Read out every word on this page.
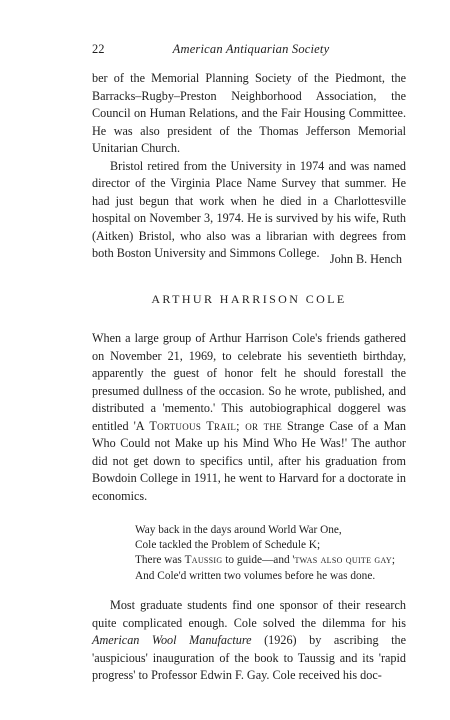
22	American Antiquarian Society

ber of the Memorial Planning Society of the Piedmont, the Barracks–Rugby–Preston Neighborhood Association, the Council on Human Relations, and the Fair Housing Committee. He was also president of the Thomas Jefferson Memorial Unitarian Church.

Bristol retired from the University in 1974 and was named director of the Virginia Place Name Survey that summer. He had just begun that work when he died in a Charlottesville hospital on November 3, 1974. He is survived by his wife, Ruth (Aitken) Bristol, who also was a librarian with degrees from both Boston University and Simmons College. John B. Hench
ARTHUR HARRISON COLE

When a large group of Arthur Harrison Cole's friends gathered on November 21, 1969, to celebrate his seventieth birthday, apparently the guest of honor felt he should forestall the presumed dullness of the occasion. So he wrote, published, and distributed a 'memento.' This autobiographical doggerel was entitled 'A Tortuous Trail; or the Strange Case of a Man Who Could not Make up his Mind Who He Was!' The author did not get down to specifics until, after his graduation from Bowdoin College in 1911, he went to Harvard for a doctorate in economics.

Way back in the days around World War One,
Cole tackled the Problem of Schedule K;
There was Taussig to guide—and 'twas also quite gay;
And Cole'd written two volumes before he was done.

Most graduate students find one sponsor of their research quite complicated enough. Cole solved the dilemma for his American Wool Manufacture (1926) by ascribing the 'auspicious' inauguration of the book to Taussig and its 'rapid progress' to Professor Edwin F. Gay. Cole received his doc-
